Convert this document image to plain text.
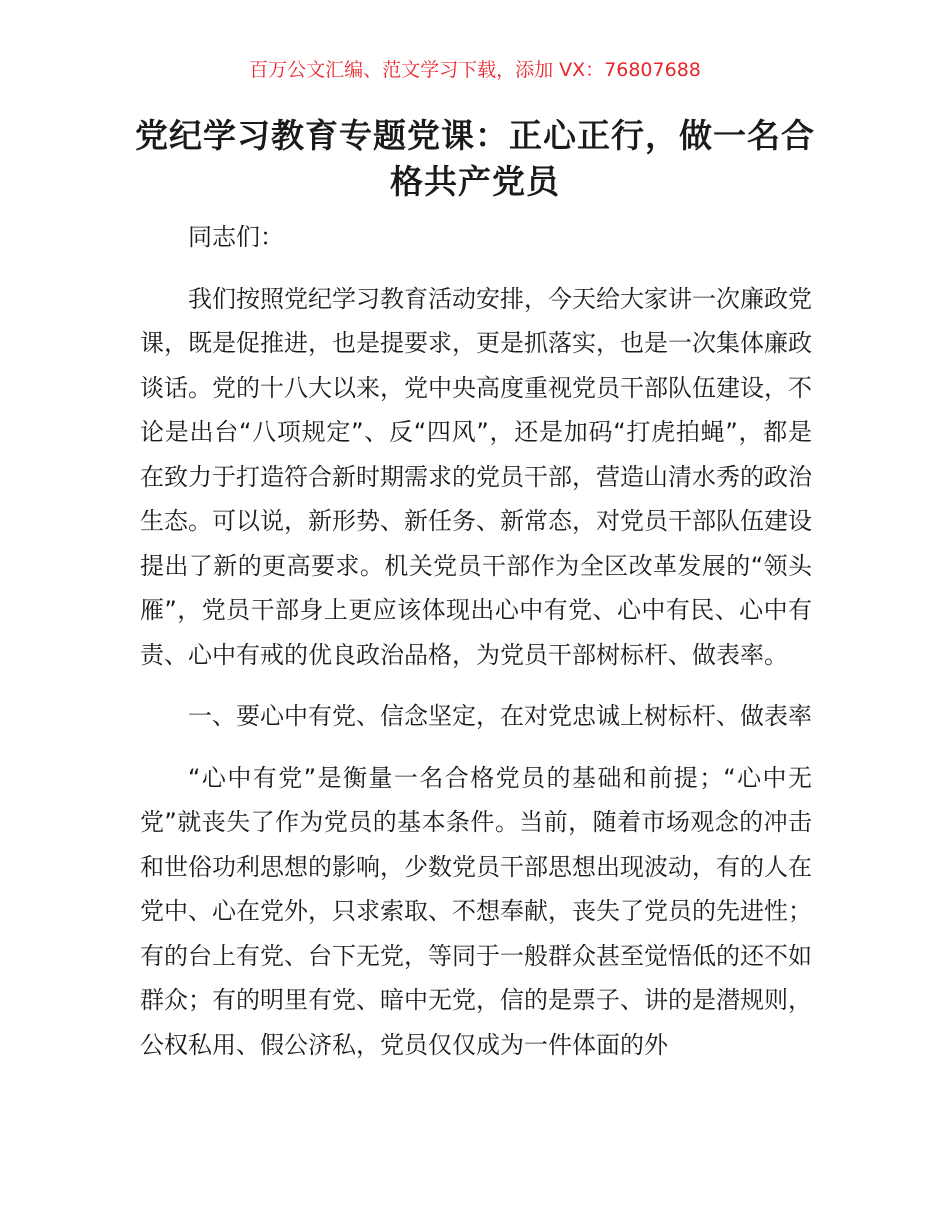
百万公文汇编、范文学习下载，添加 VX：76807688
党纪学习教育专题党课：正心正行，做一名合格共产党员

同志们：

我们按照党纪学习教育活动安排，今天给大家讲一次廉政党课，既是促推进，也是提要求，更是抓落实，也是一次集体廉政谈话。党的十八大以来，党中央高度重视党员干部队伍建设，不论是出台“八项规定”、反“四风”，还是加码“打虎拍蝇”，都是在致力于打造符合新时期需求的党员干部，营造山清水秀的政治生态。可以说，新形势、新任务、新常态，对党员干部队伍建设提出了新的更高要求。机关党员干部作为全区改革发展的“领头雁”，党员干部身上更应该体现出心中有党、心中有民、心中有责、心中有戒的优良政治品格，为党员干部树标杆、做表率。

一、要心中有党、信念坚定，在对党忠诚上树标杆、做表率

“心中有党”是衡量一名合格党员的基础和前提；“心中无党”就丧失了作为党员的基本条件。当前，随着市场观念的冲击和世俗功利思想的影响，少数党员干部思想出现波动，有的人在党中、心在党外，只求索取、不想奉献，丧失了党员的先进性；有的台上有党、台下无党，等同于一般群众甚至觉悟低的还不如群众；有的明里有党、暗中无党，信的是票子、讲的是潜规则，公权私用、假公济私，党员仅仅成为一件体面的外
